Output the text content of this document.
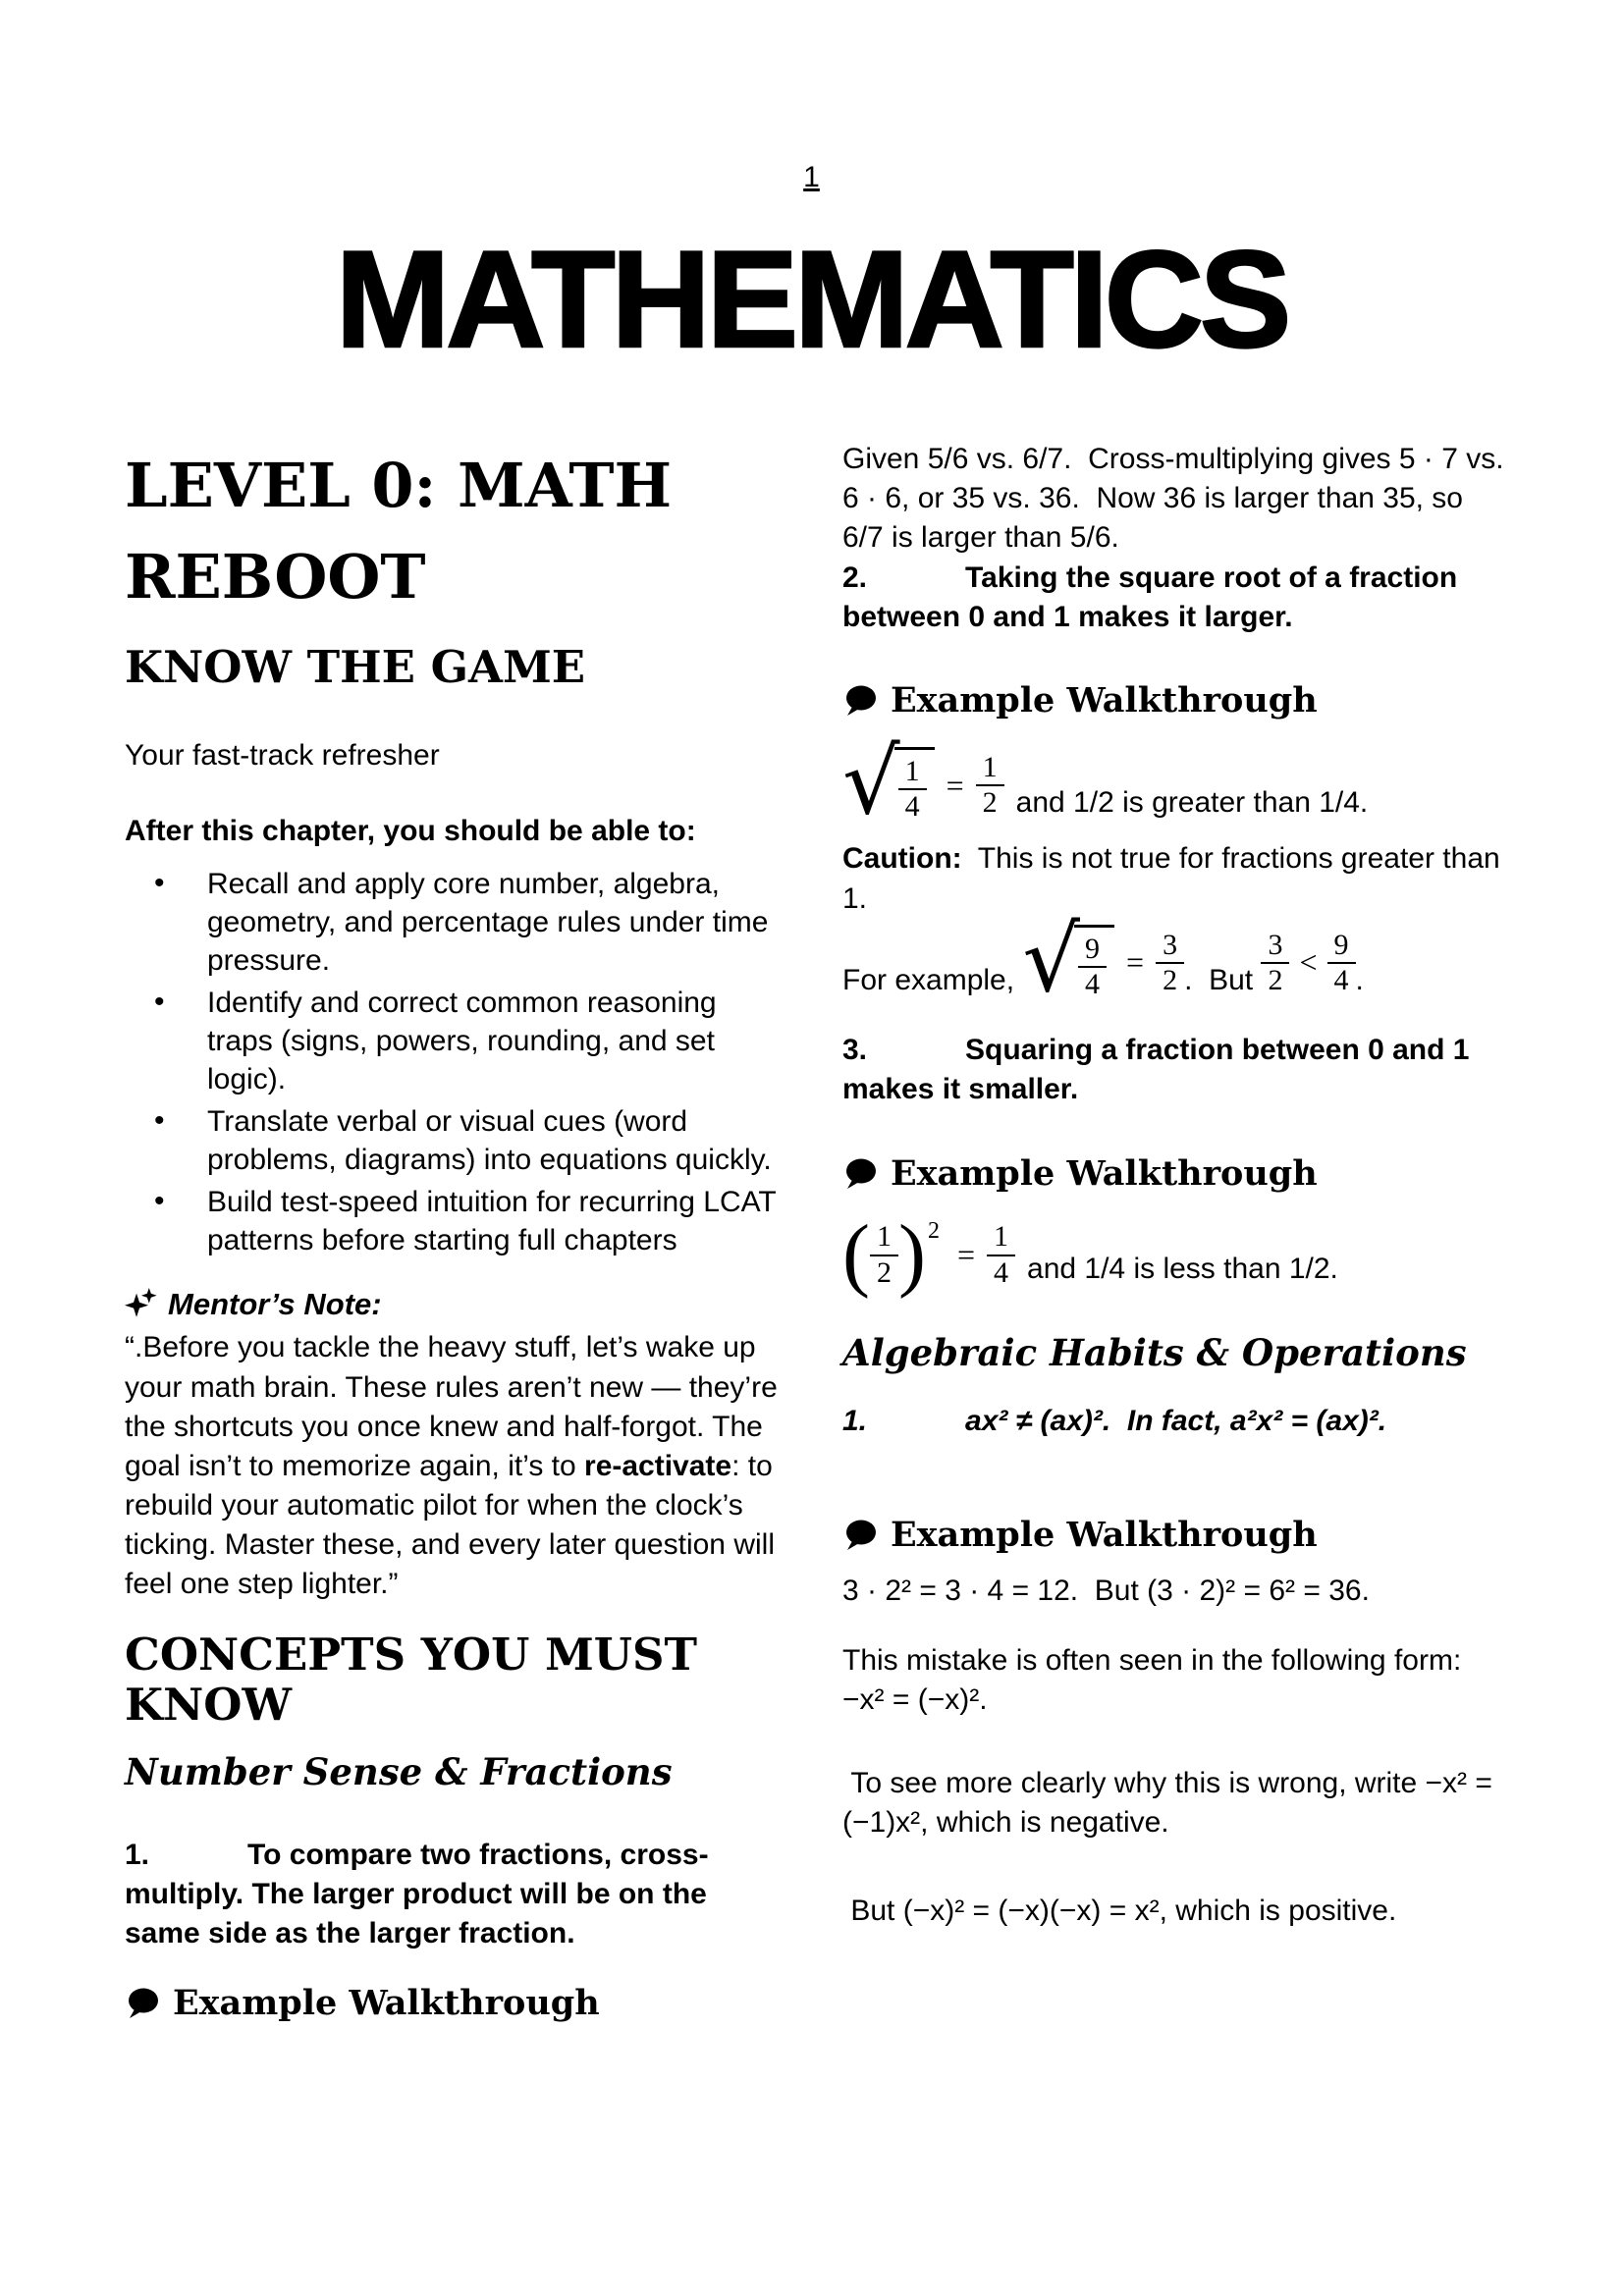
1
MATHEMATICS
LEVEL 0: MATH REBOOT
KNOW THE GAME

Your fast-track refresher

After this chapter, you should be able to:

• Recall and apply core number, algebra, geometry, and percentage rules under time pressure.
• Identify and correct common reasoning traps (signs, powers, rounding, and set logic).
• Translate verbal or visual cues (word problems, diagrams) into equations quickly.
• Build test-speed intuition for recurring LCAT patterns before starting full chapters
Mentor’s Note:

“.Before you tackle the heavy stuff, let’s wake up your math brain. These rules aren’t new — they’re the shortcuts you once knew and half-forgot. The goal isn’t to memorize again, it’s to re-activate: to rebuild your automatic pilot for when the clock’s ticking. Master these, and every later question will feel one step lighter.”

CONCEPTS YOU MUST KNOW
Number Sense & Fractions

1.	To compare two fractions, cross-multiply. The larger product will be on the same side as the larger fraction.

Example Walkthrough

Given 5/6 vs. 6/7.  Cross-multiplying gives 5 · 7 vs. 6 · 6, or 35 vs. 36.  Now 36 is larger than 35, so 6/7 is larger than 5/6.

2.	Taking the square root of a fraction between 0 and 1 makes it larger.

Example Walkthrough
√
$\frac{1}{4} = \frac{1}{2}$ and 1/2 is greater than 1/4.

Caution:  This is not true for fractions greater than 1.

For example, √
$\frac{9}{4} = \frac{3}{2}$ .  But $\frac{3}{2} < \frac{9}{4}$ .

3.	Squaring a fraction between 0 and 1 makes it smaller.

Example Walkthrough
( $\frac{1}{2}$ ) 2
= $\frac{1}{4}$ and 1/4 is less than 1/2.
Algebraic Habits & Operations

1.	ax² ≠ (ax)².  In fact, a²x² = (ax)².

Example Walkthrough

3 · 2² = 3 · 4 = 12.  But (3 · 2)² = 6² = 36.

This mistake is often seen in the following form: −x² = (−x)².

To see more clearly why this is wrong, write −x² = (−1)x², which is negative.

But (−x)² = (−x)(−x) = x², which is positive.
